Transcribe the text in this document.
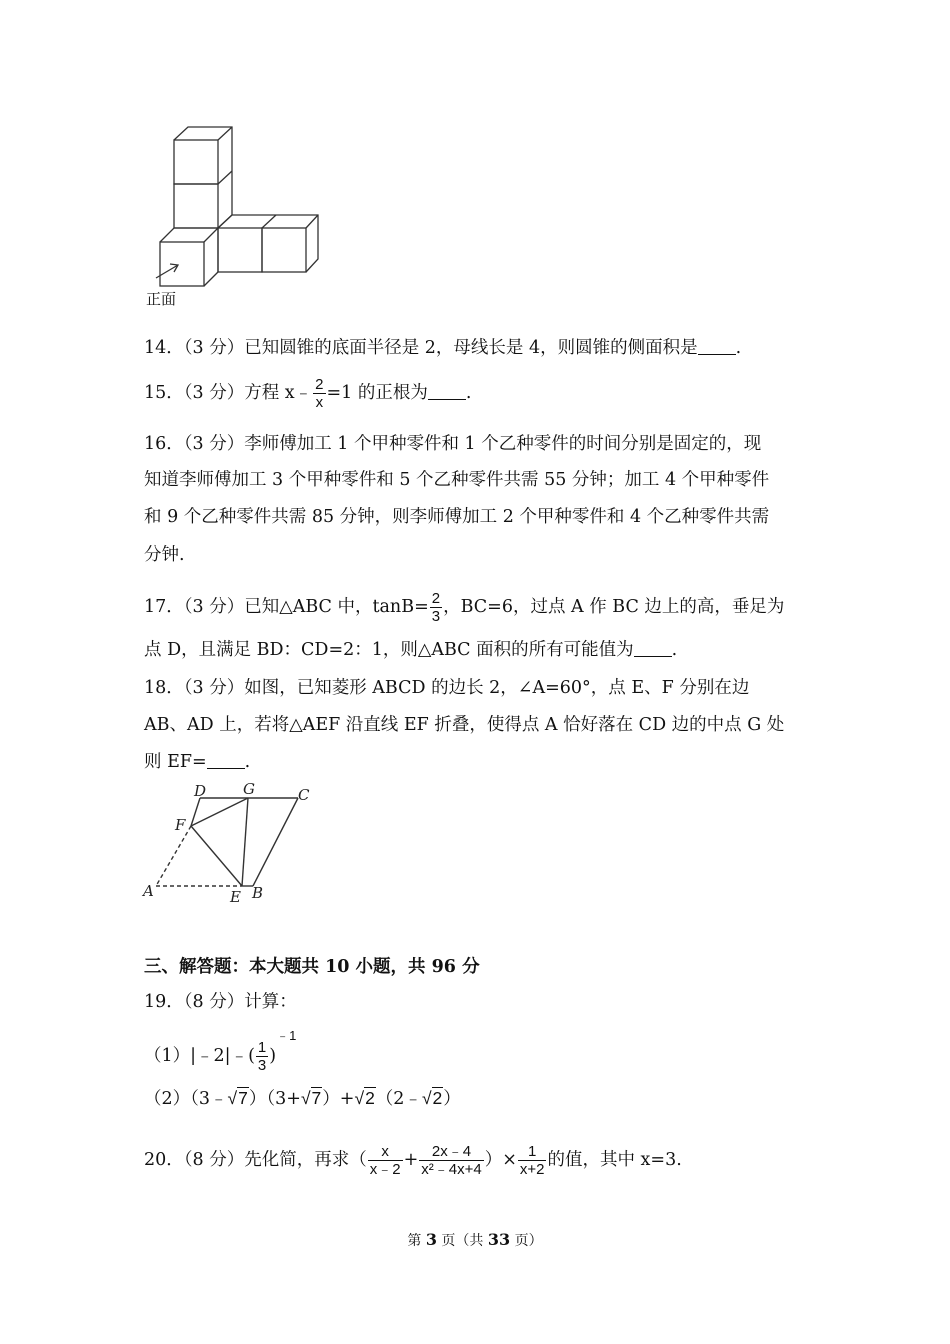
正面
14．（3 分）已知圆锥的底面半径是 2，母线长是 4，则圆锥的侧面积是 .
15．（3 分）方程 x﹣ $\frac{2}{x} =1$ 的正根为 .
16．（3 分）李师傅加工 1 个甲种零件和 1 个乙种零件的时间分别是固定的，现
知道李师傅加工 3 个甲种零件和 5 个乙种零件共需 55 分钟；加工 4 个甲种零件
和 9 个乙种零件共需 85 分钟，则李师傅加工 2 个甲种零件和 4 个乙种零件共需
分钟.
17．（3 分）已知△ABC 中，$\tan B= \frac{2}{3}$ ，BC=6，过点 A 作 BC 边上的高，垂足为
点 D，且满足 BD：CD=2：1，则△ABC 面积的所有可能值为 .
18．（3 分）如图，已知菱形 ABCD 的边长 2，∠A=60°，点 E、F 分别在边
AB、AD 上，若将△AEF 沿直线 EF 折叠，使得点 A 恰好落在 CD 边的中点 G 处
则 EF= .
D G	C
F
A	E B
三、解答题：本大题共 10 小题，共 96 分
19．（8 分）计算：
（1）|﹣2|﹣( $\frac{1}{3} )^{﹣1}$
（2）（3﹣√7）（3+√7）+√2（2﹣√2）
20．（8 分）先化简，再求（ $\frac{x}{x﹣2} + \frac{2x﹣4}{\text{x²﹣4x+4}}$ ）× $\frac{1}{x+2}$ 的值，其中 x=3.
第 3 页（共 33 页）
